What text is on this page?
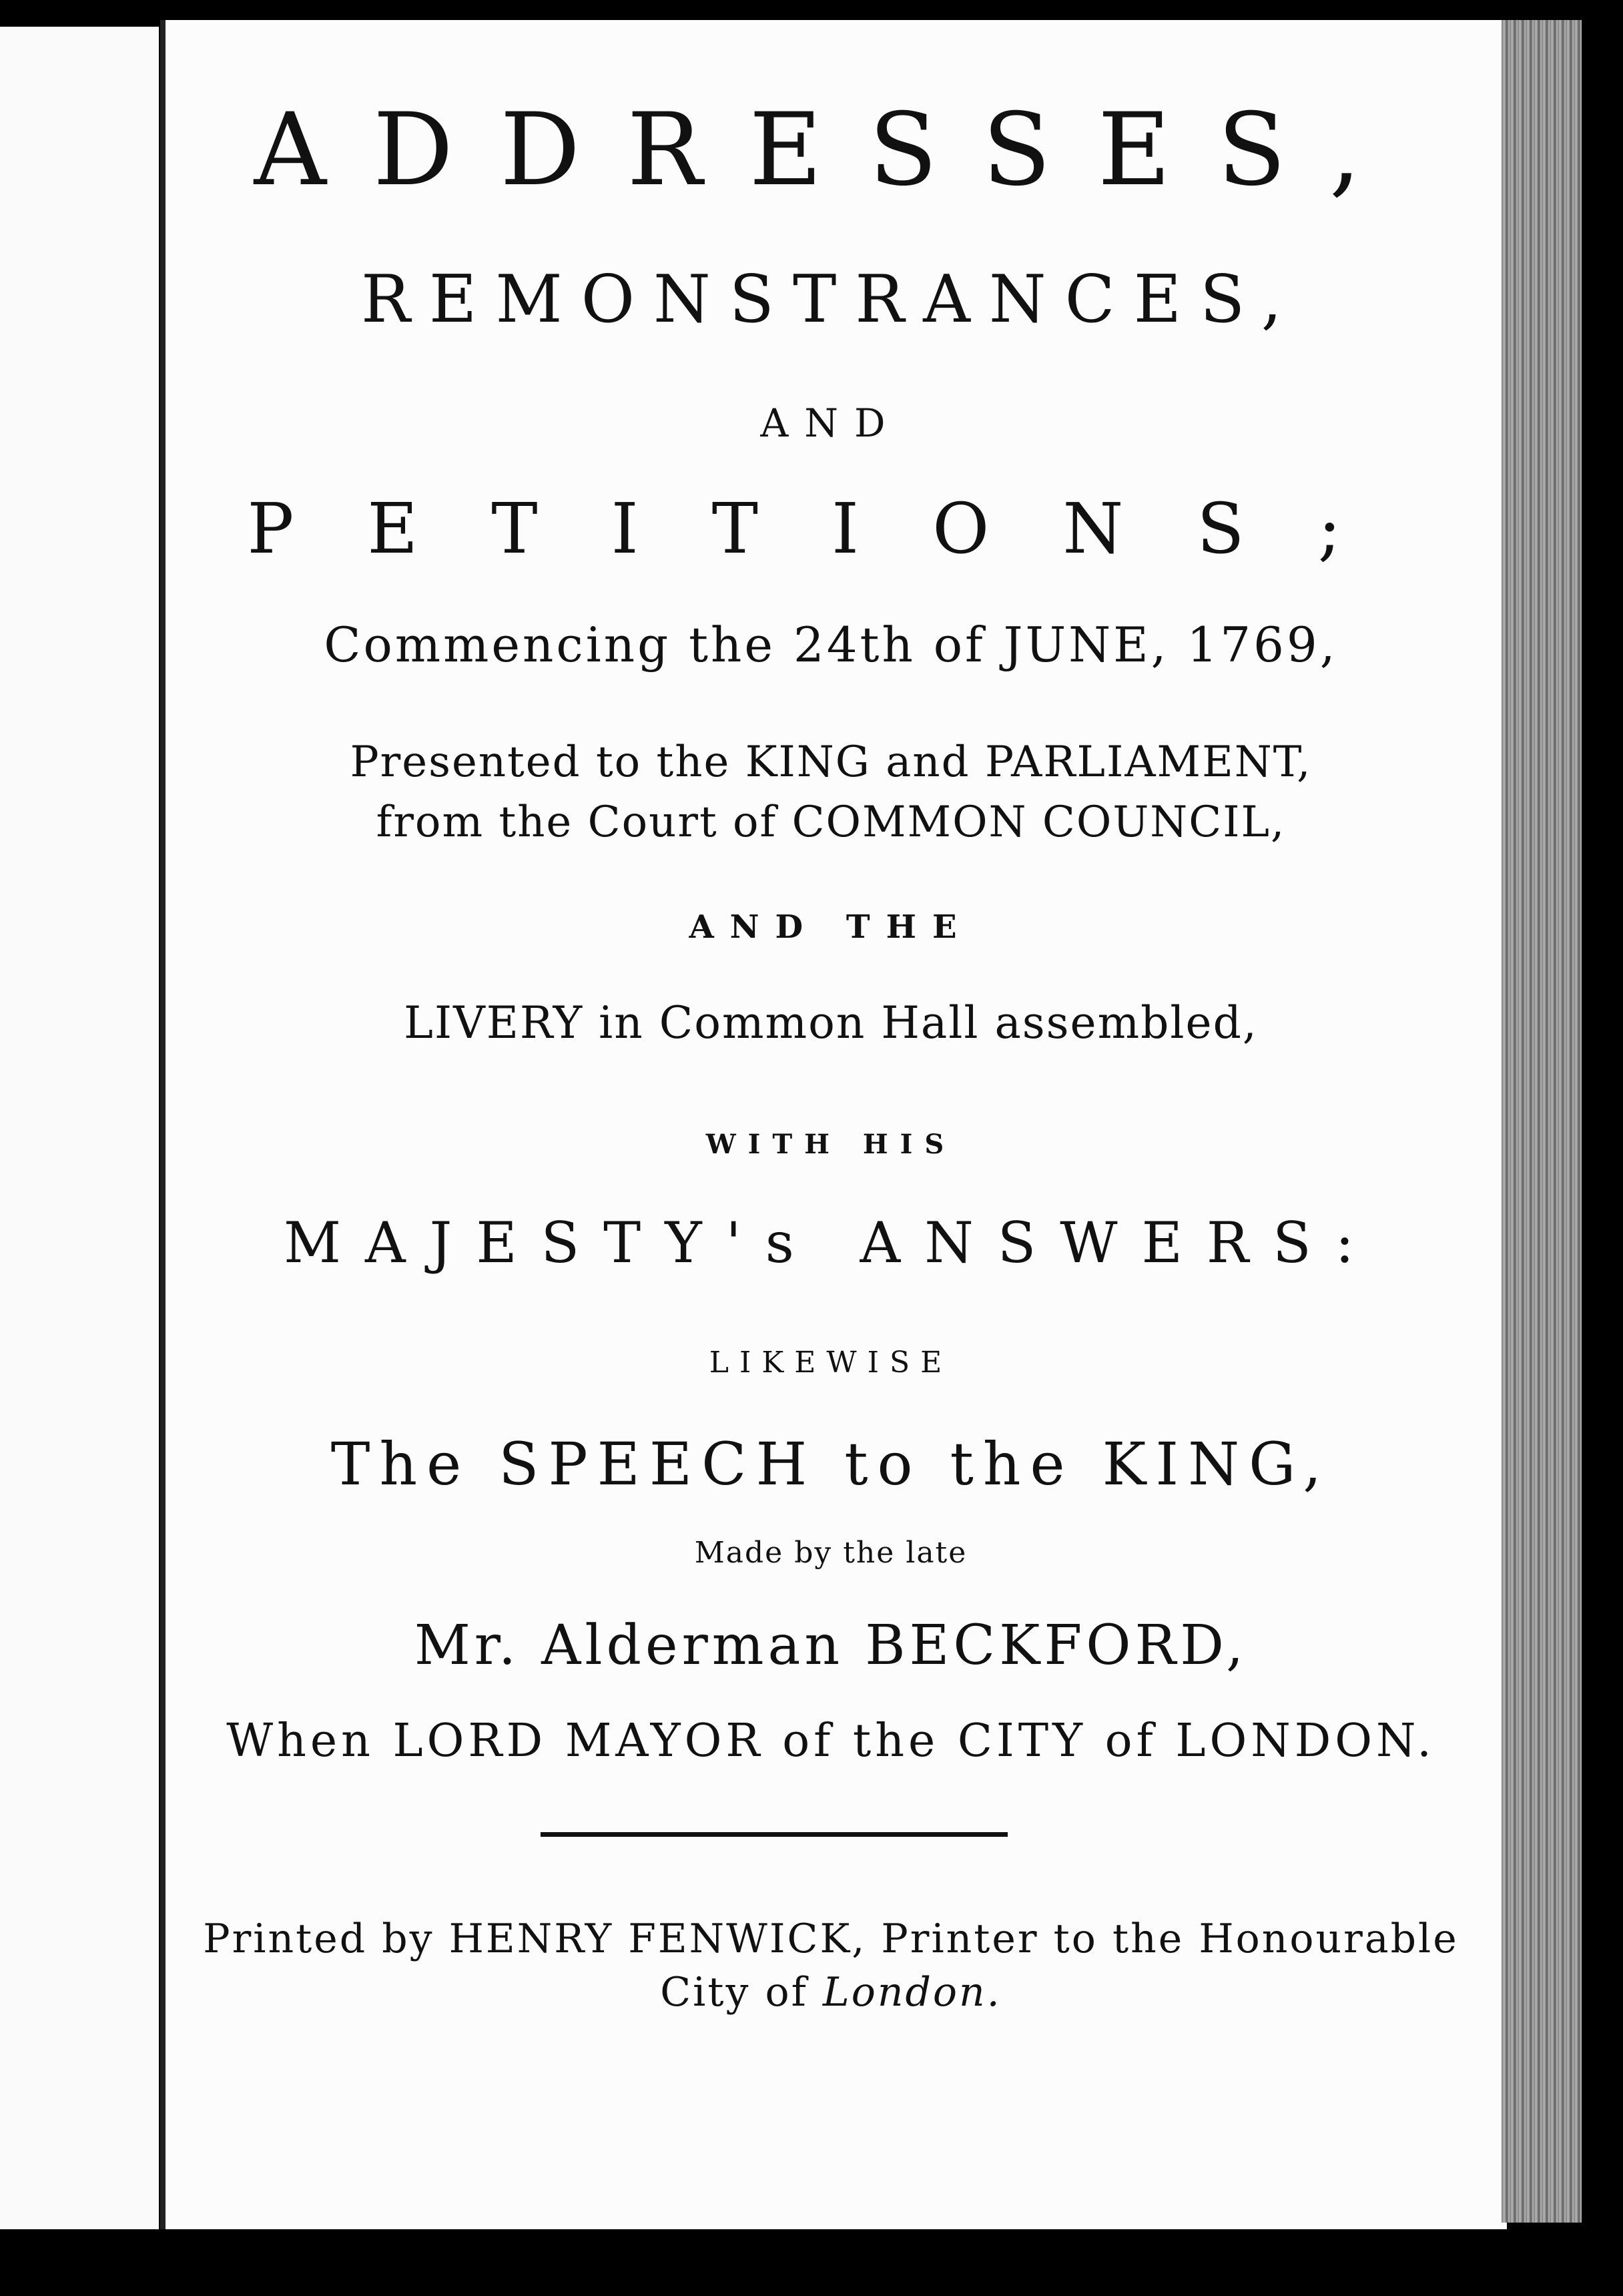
ADDRESSES,
REMONSTRANCES,
AND
PETITIONS;
Commencing the 24th of JUNE, 1769,
Presented to the KING and PARLIAMENT,
from the Court of COMMON COUNCIL,
AND THE
LIVERY in Common Hall assembled,
WITH HIS
MAJESTY's ANSWERS:
LIKEWISE
The SPEECH to the KING,
Made by the late
Mr. Alderman BECKFORD,
When LORD MAYOR of the CITY of LONDON.
Printed by HENRY FENWICK, Printer to the Honourable
City of London.
